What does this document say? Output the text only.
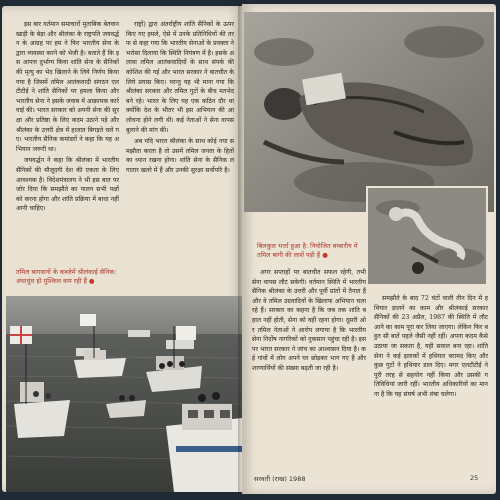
इस बार वर्तमान समाचारों मुताबिक बेतवान खाड़ी के बेड़ा और श्रीलंका के राष्ट्रपति जयवर्द्धन के आग्रह पर हम ने फिर भारतीय सेना के द्वारा व्यवस्था करने को भेजी है। बताते हैं कि इस आपत्त दुर्भाग्य किया शांति सेना के सैनिकों की मृत्यु का भेद खिलाने के लिये निर्णय किया गया है जिसमें तमिल आतंकवादी संगठन एलटीटीई ने शांति सैनिकों पर हमला किया और भारतीय सेना ने इसके जवाब में आक्रामक कार्रवाई की। भारत सरकार को अपनी सेना की सुरक्षा और प्रतिष्ठा के लिए कदम उठाने पड़े और श्रीलंका के उत्तरी क्षेत्र में हालात बिगड़ते चले गए। भारतीय सैनिक कमांडरों ने कहा कि यह अभियान जरूरी था।

जयवर्द्धन ने कहा कि श्रीलंका में भारतीय सैनिकों की मौजूदगी देश की एकता के लिए आवश्यक है। विदेशमंत्रालय ने भी इस बात पर जोर दिया कि समझौते का पालन सभी पक्षों को करना होगा और शांति प्रक्रिया में बाधा नहीं आनी चाहिए।

तमिल बागवानों के कब्जेमें श्रीलंकाई सैनिक: अंधाधुंध हो मुश्किल कम रही हैं ●

राष्ट्रों) द्वारा अंतर्राष्ट्रीय शांति सैनिकों के ऊपर किए गए हमले, ऐसे में उनके प्रतिनिधियों की तरफ से कहा गया कि भारतीय सेनाओं के प्रवक्ता ने भरोसा दिलाया कि स्थिति नियंत्रण में है। इसके अलावा तमिल आतंकवादियों के साथ संपर्क की कोशिश की गई और भारत सरकार ने बातचीत के लिये प्रयास किए। परन्तु यह भी माना गया कि श्रीलंका सरकार और तमिल गुटों के बीच मतभेद बने रहे। भारत के लिए यह एक कठिन दौर था क्योंकि देश के भीतर भी इस अभियान की आलोचना होने लगी थी। कई नेताओं ने सेना वापस बुलाने की मांग की।

अब यदि भारत श्रीलंका के साथ कोई नया समझौता करता है तो उसमें तमिल जनता के हितों का ध्यान रखना होगा। शांति सेना के सैनिक लगातार खतरे में हैं और उनकी सुरक्षा सर्वोपरि है।

बिलकुल भर्त्ता हुआ है: नियोजित बम्बारीय में तमिल बागी की लाशें पड़ी हैं ●

अगर सप्ताहों पर बातचीत सफल रहेगी, तभी सेना वापस लौट सकेगी। वर्तमान स्थिति में भारतीय सैनिक श्रीलंका के उत्तरी और पूर्वी प्रांतों में तैनात हैं और वे तमिल उग्रवादियों के खिलाफ अभियान चला रहे हैं। सरकार का कहना है कि जब तक शांति बहाल नहीं होती, सेना को वहीं रहना होगा। दूसरी ओर तमिल नेताओं ने आरोप लगाया है कि भारतीय सेना निर्दोष नागरिकों को नुकसान पहुंचा रही है। इस पर भारत सरकार ने जांच का आश्वासन दिया है। कई गांवों में लोग अपने घर छोड़कर भाग गए हैं और शरणार्थियों की संख्या बढ़ती जा रही है।

समझौते के बाद 72 घंटों वाली तीन दिन में हथियार डालने का काम और श्रीलंकाई सरकार सैनिकों की 23 अप्रैल, 1987 की स्थिति में लौट आने का काम पूरा कर लिया जाएगा। लेकिन फिर बहुत सी बातें पहले जैसी नहीं रहीं। अपना कदम कैसे उठाया जा सकता है, यही सवाल बना रहा। शांति सेना ने कई इलाकों में हथियार बरामद किए और कुछ गुटों ने हथियार डाल दिए। मगर एलटीटीई ने पूरी तरह से सहयोग नहीं किया और उसकी गतिविधियां जारी रहीं। भारतीय अधिकारियों का मानना है कि यह संघर्ष अभी लंबा चलेगा।

सरवती (राख) 1988	25
